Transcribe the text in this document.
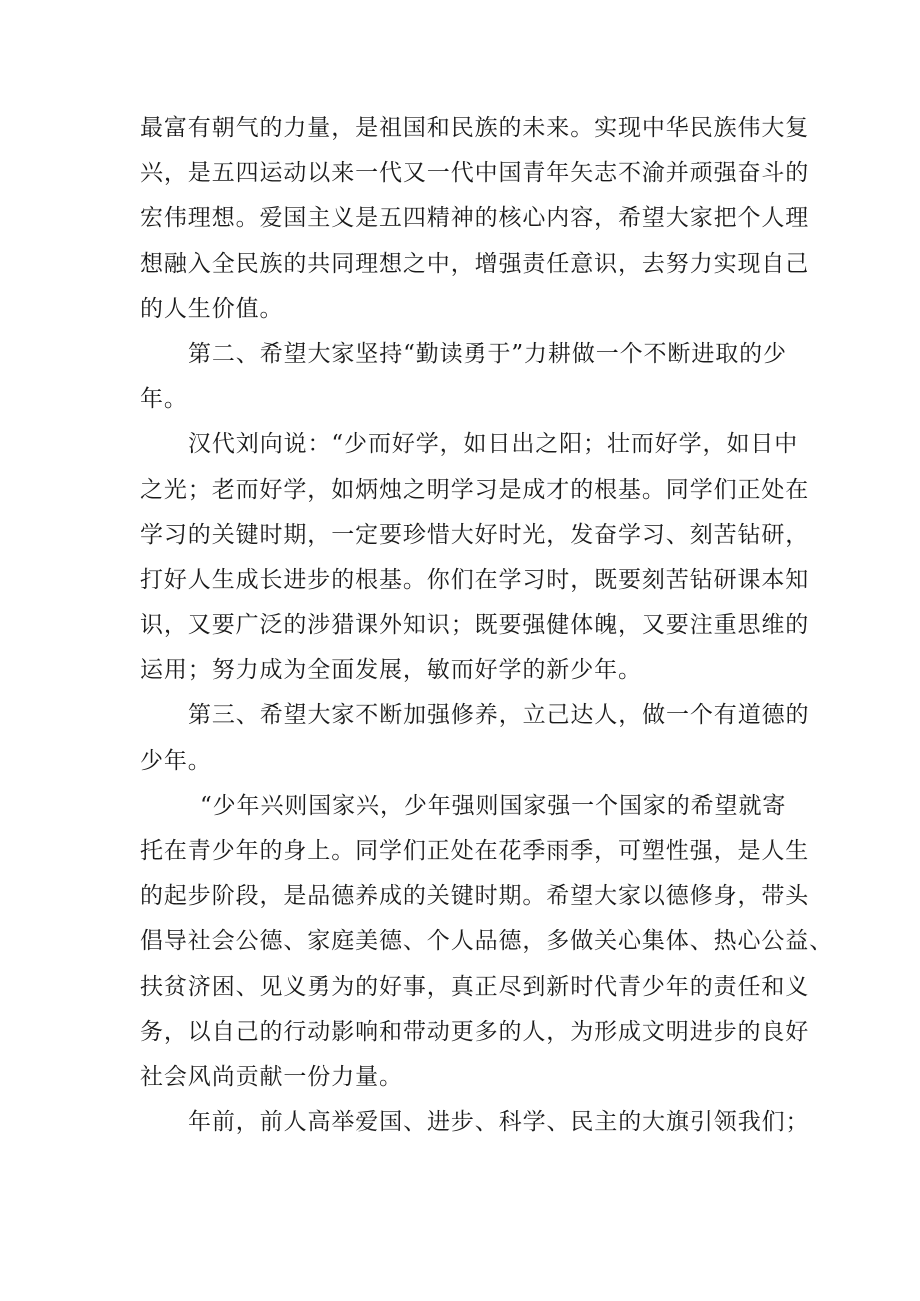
最富有朝气的力量，是祖国和民族的未来。实现中华民族伟大复
兴，是五四运动以来一代又一代中国青年矢志不渝并顽强奋斗的
宏伟理想。爱国主义是五四精神的核心内容，希望大家把个人理
想融入全民族的共同理想之中，增强责任意识，去努力实现自己
的人生价值。
第二、希望大家坚持“勤读勇于”力耕做一个不断进取的少
年。
汉代刘向说：“少而好学，如日出之阳；壮而好学，如日中
之光；老而好学，如炳烛之明学习是成才的根基。同学们正处在
学习的关键时期，一定要珍惜大好时光，发奋学习、刻苦钻研，
打好人生成长进步的根基。你们在学习时，既要刻苦钻研课本知
识，又要广泛的涉猎课外知识；既要强健体魄，又要注重思维的
运用；努力成为全面发展，敏而好学的新少年。
第三、希望大家不断加强修养，立己达人，做一个有道德的
少年。
“少年兴则国家兴，少年强则国家强一个国家的希望就寄
托在青少年的身上。同学们正处在花季雨季，可塑性强，是人生
的起步阶段，是品德养成的关键时期。希望大家以德修身，带头
倡导社会公德、家庭美德、个人品德，多做关心集体、热心公益、
扶贫济困、见义勇为的好事，真正尽到新时代青少年的责任和义
务，以自己的行动影响和带动更多的人，为形成文明进步的良好
社会风尚贡献一份力量。
年前，前人高举爱国、进步、科学、民主的大旗引领我们；
